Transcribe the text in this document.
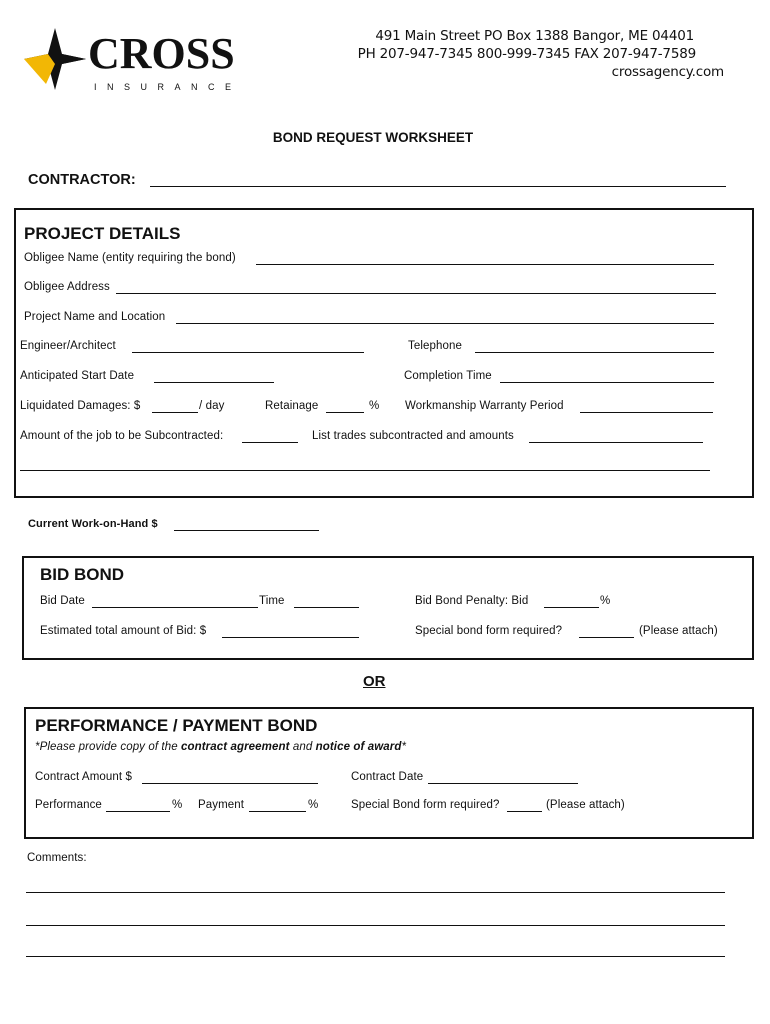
CROSS
INSURANCE
491 Main Street PO Box 1388 Bangor, ME 04401
PH 207-947-7345 800-999-7345 FAX 207-947-7589
crossagency.com
BOND REQUEST WORKSHEET
CONTRACTOR:
PROJECT DETAILS
Obligee Name (entity requiring the bond)
Obligee Address
Project Name and Location
Engineer/Architect	Telephone
Anticipated Start Date	Completion Time
Liquidated Damages: $	/ day	Retainage	% Workmanship Warranty Period
Amount of the job to be Subcontracted:	List trades subcontracted and amounts
Current Work-on-Hand $
BID BOND
Bid Date	Time	Bid Bond Penalty: Bid	%
Estimated total amount of Bid: $	Special bond form required?	(Please attach)
OR
PERFORMANCE / PAYMENT BOND
*Please provide copy of the contract agreement and notice of award*
Contract Amount $	Contract Date
Performance	% Payment	%	Special Bond form required?	(Please attach)
Comments:
